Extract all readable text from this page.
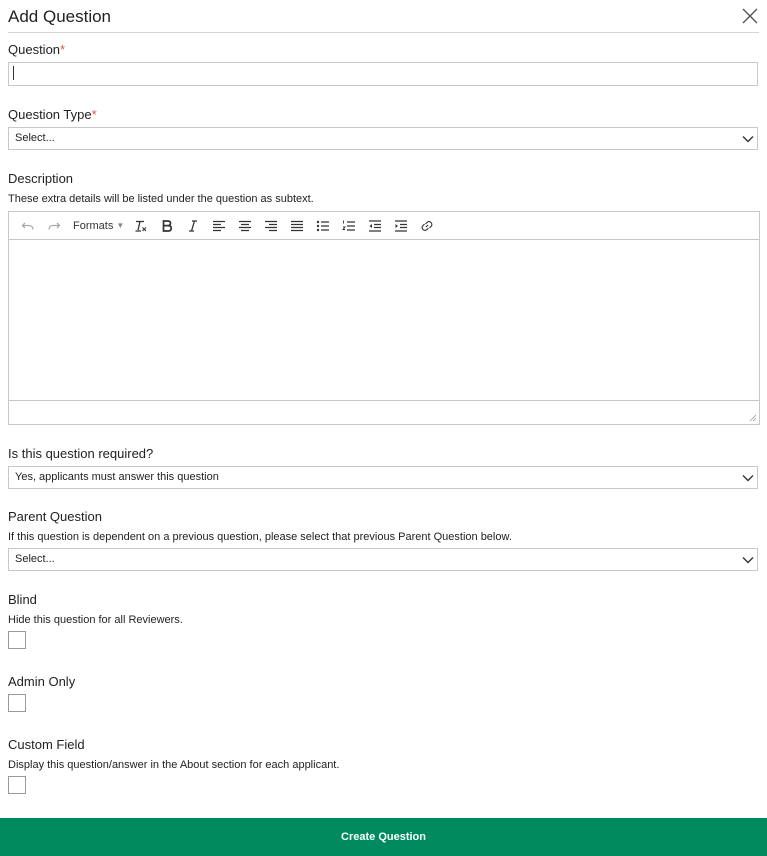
Add Question
Question*
Question Type*
Select...
Description
These extra details will be listed under the question as subtext.
Formats ▼
Is this question required?
Yes, applicants must answer this question
Parent Question
If this question is dependent on a previous question, please select that previous Parent Question below.
Select...
Blind
Hide this question for all Reviewers.
Admin Only
Custom Field
Display this question/answer in the About section for each applicant.
Create Question
